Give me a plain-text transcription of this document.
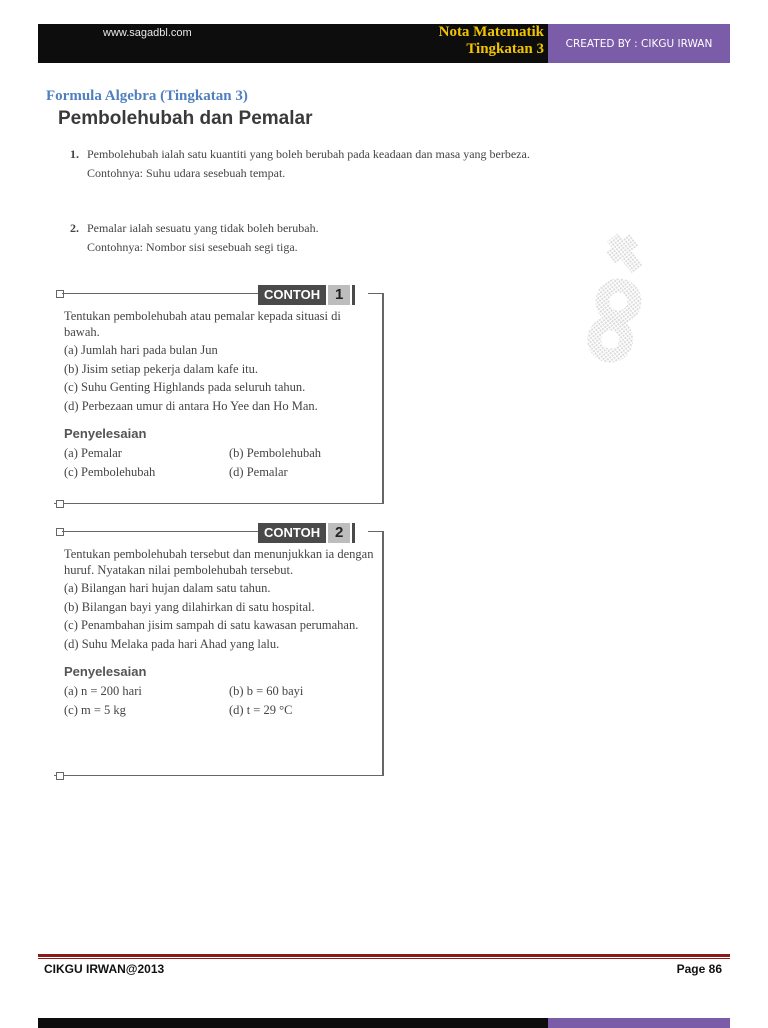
www.sagadbl.com	Nota Matematik
Tingkatan 3 CREATED BY : CIKGU IRWAN
Formula Algebra (Tingkatan 3)
Pembolehubah dan Pemalar
1. Pembolehubah ialah satu kuantiti yang boleh berubah pada keadaan dan masa yang berbeza.

Contohnya: Suhu udara sesebuah tempat.

2. Pemalar ialah sesuatu yang tidak boleh berubah.

Contohnya: Nombor sisi sesebuah segi tiga.

CONTOH 1

Tentukan pembolehubah atau pemalar kepada situasi di bawah.

(a) Jumlah hari pada bulan Jun

(b) Jisim setiap pekerja dalam kafe itu.

(c) Suhu Genting Highlands pada seluruh tahun.

(d) Perbezaan umur di antara Ho Yee dan Ho Man.

Penyelesaian

(a) Pemalar	(b) Pembolehubah
(c) Pembolehubah	(d) Pemalar
CONTOH 2

Tentukan pembolehubah tersebut dan menunjukkan ia dengan huruf. Nyatakan nilai pembolehubah tersebut.

(a) Bilangan hari hujan dalam satu tahun.

(b) Bilangan bayi yang dilahirkan di satu hospital.

(c) Penambahan jisim sampah di satu kawasan perumahan.

(d) Suhu Melaka pada hari Ahad yang lalu.

Penyelesaian

(a) n = 200 hari	(b) b = 60 bayi
(c) m = 5 kg	(d) t = 29 °C
CIKGU IRWAN@2013	Page 86
